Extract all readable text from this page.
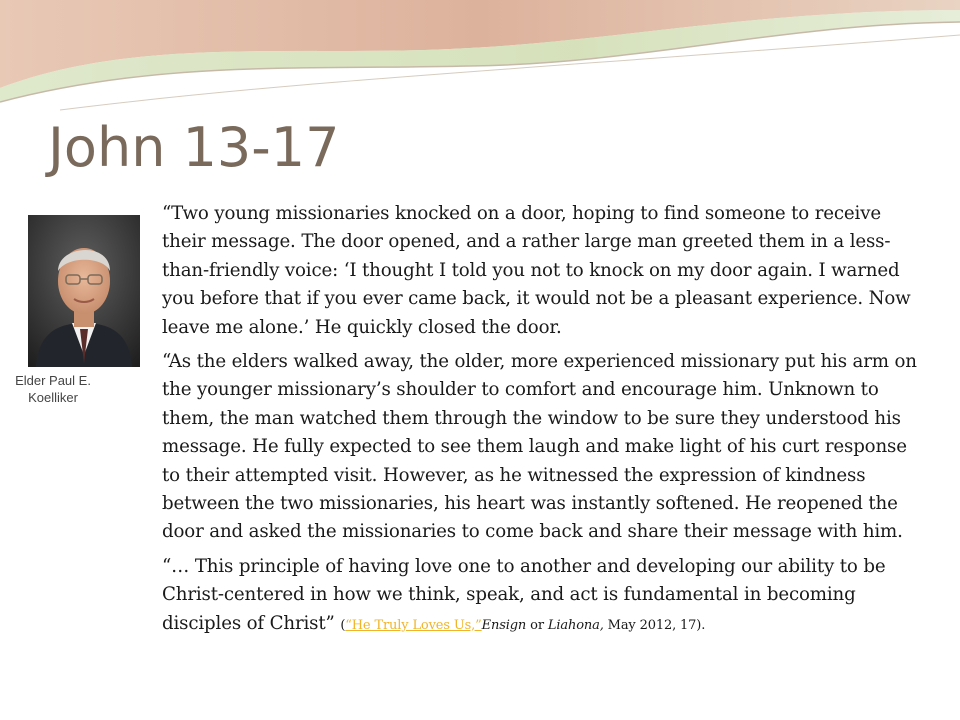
John 13-17
Elder Paul E. Koelliker

“Two young missionaries knocked on a door, hoping to find someone to receive their message. The door opened, and a rather large man greeted them in a less-than-friendly voice: ‘I thought I told you not to knock on my door again. I warned you before that if you ever came back, it would not be a pleasant experience. Now leave me alone.’ He quickly closed the door.

“As the elders walked away, the older, more experienced missionary put his arm on the younger missionary’s shoulder to comfort and encourage him. Unknown to them, the man watched them through the window to be sure they understood his message. He fully expected to see them laugh and make light of his curt response to their attempted visit. However, as he witnessed the expression of kindness between the two missionaries, his heart was instantly softened. He reopened the door and asked the missionaries to come back and share their message with him.

“… This principle of having love one to another and developing our ability to be Christ-centered in how we think, speak, and act is fundamental in becoming disciples of Christ” (“He Truly Loves Us,”Ensign or Liahona, May 2012, 17).
